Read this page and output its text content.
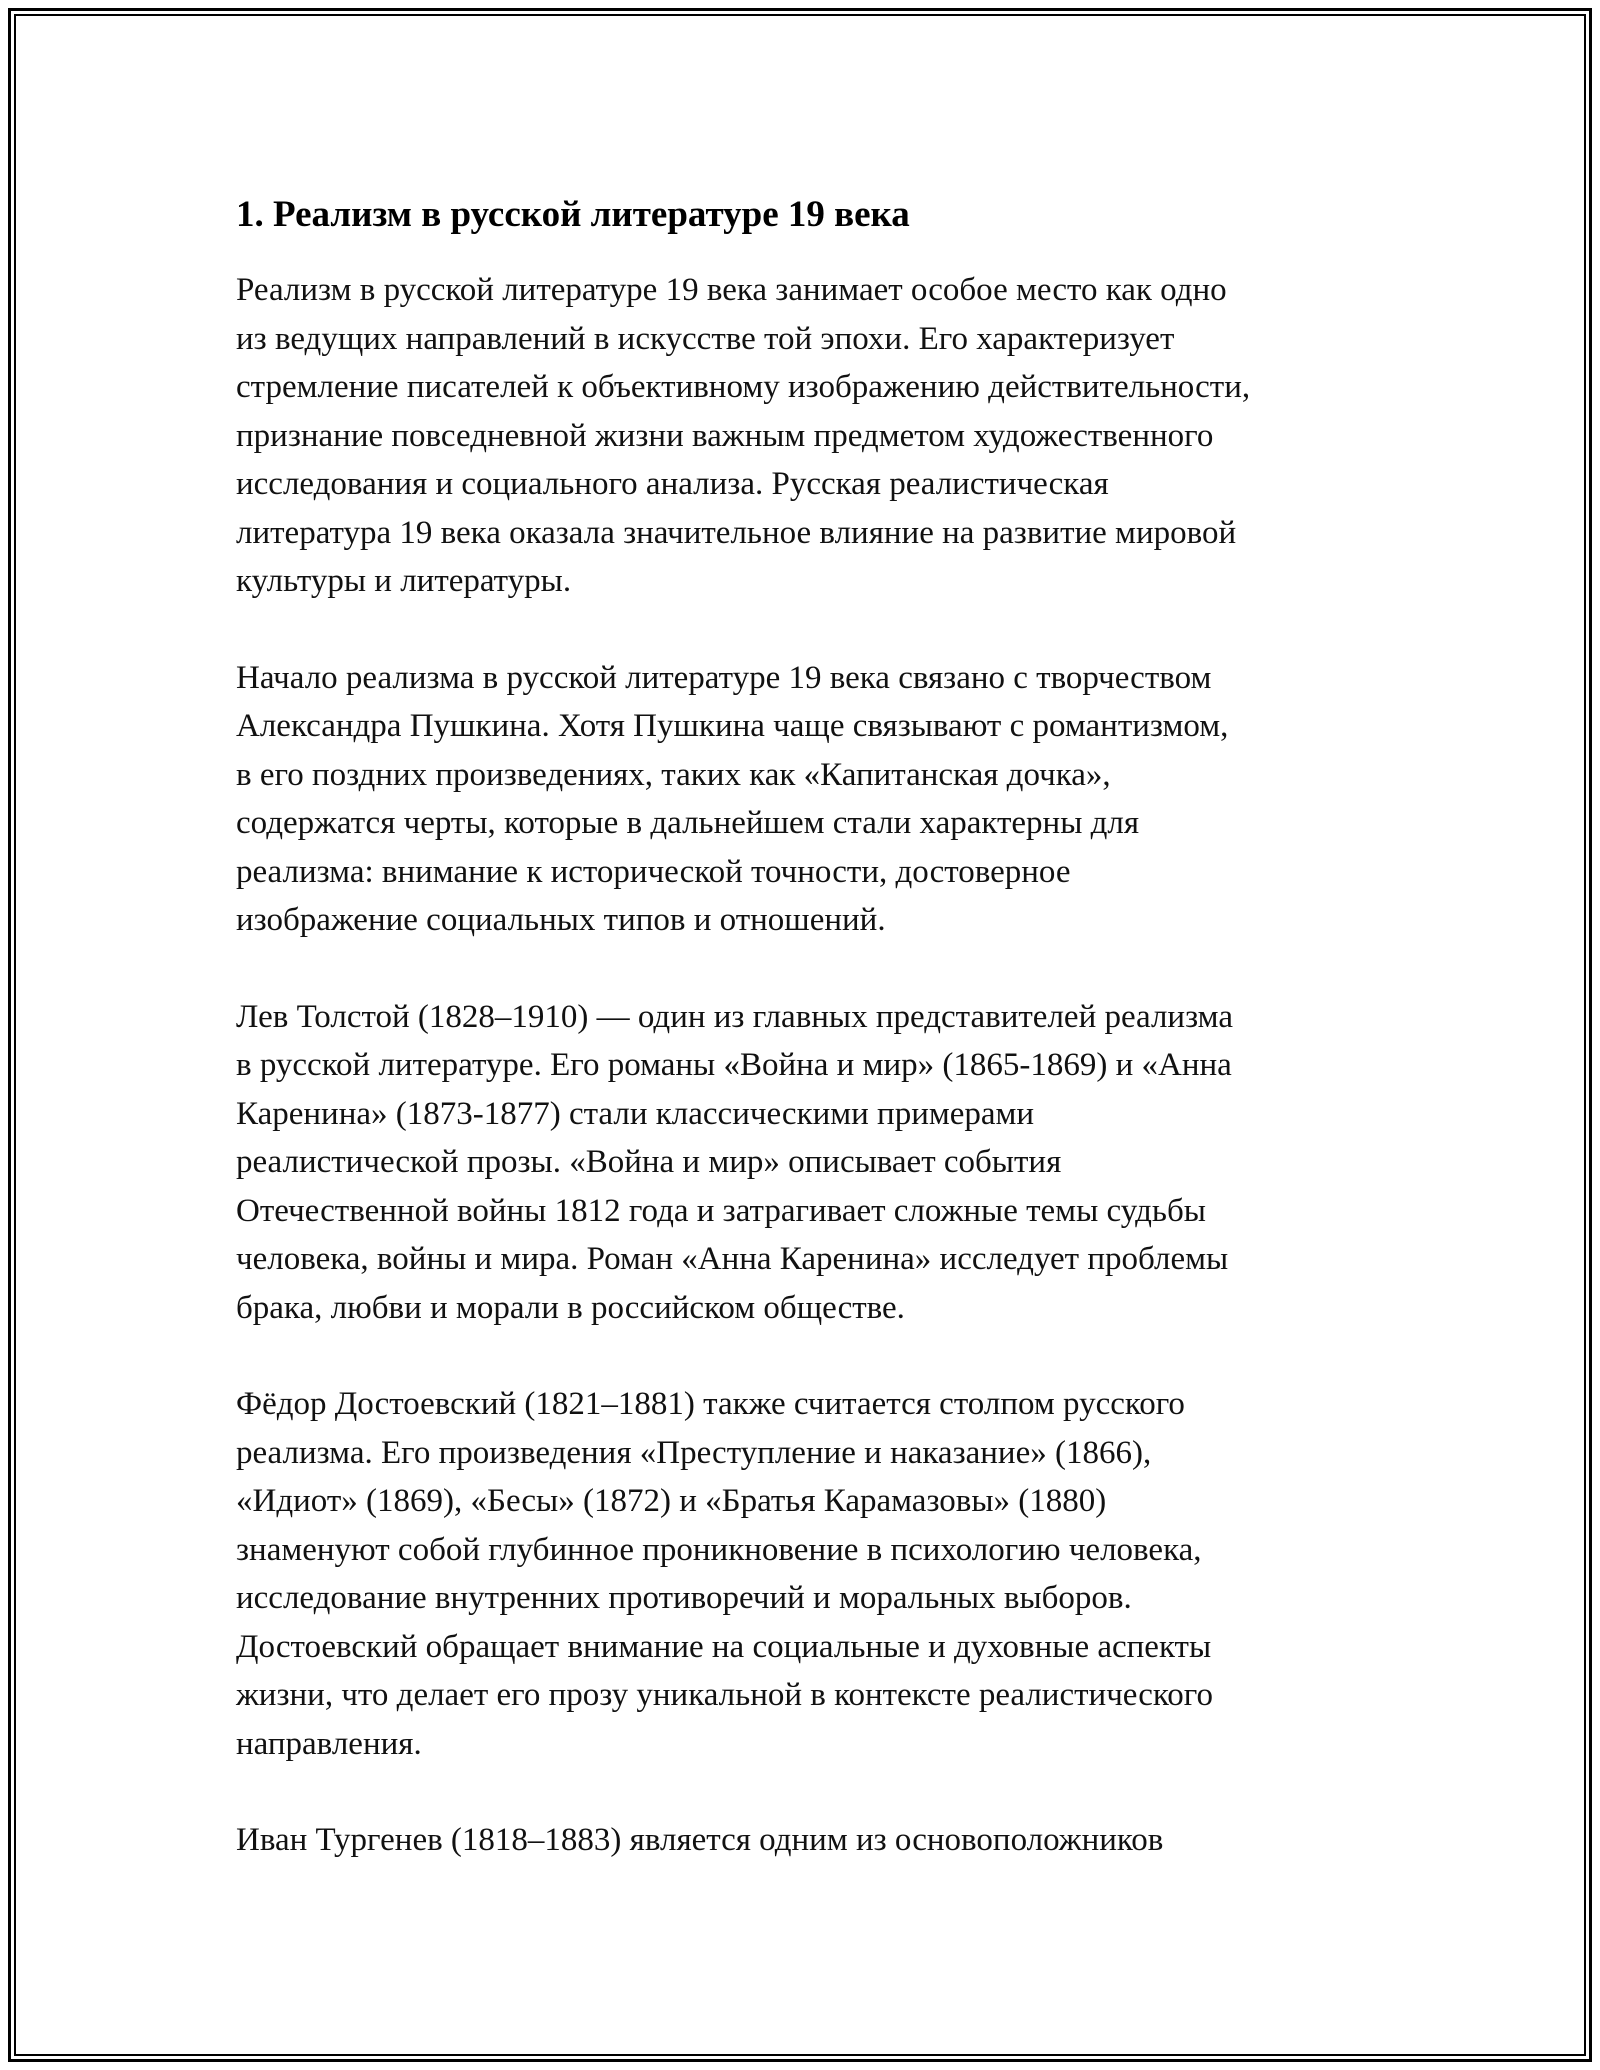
1. Реализм в русской литературе 19 века

Реализм в русской литературе 19 века занимает особое место как одно
из ведущих направлений в искусстве той эпохи. Его характеризует
стремление писателей к объективному изображению действительности,
признание повседневной жизни важным предметом художественного
исследования и социального анализа. Русская реалистическая
литература 19 века оказала значительное влияние на развитие мировой
культуры и литературы.

Начало реализма в русской литературе 19 века связано с творчеством
Александра Пушкина. Хотя Пушкина чаще связывают с романтизмом,
в его поздних произведениях, таких как «Капитанская дочка»,
содержатся черты, которые в дальнейшем стали характерны для
реализма: внимание к исторической точности, достоверное
изображение социальных типов и отношений.

Лев Толстой (1828–1910) — один из главных представителей реализма
в русской литературе. Его романы «Война и мир» (1865-1869) и «Анна
Каренина» (1873-1877) стали классическими примерами
реалистической прозы. «Война и мир» описывает события
Отечественной войны 1812 года и затрагивает сложные темы судьбы
человека, войны и мира. Роман «Анна Каренина» исследует проблемы
брака, любви и морали в российском обществе.

Фёдор Достоевский (1821–1881) также считается столпом русского
реализма. Его произведения «Преступление и наказание» (1866),
«Идиот» (1869), «Бесы» (1872) и «Братья Карамазовы» (1880)
знаменуют собой глубинное проникновение в психологию человека,
исследование внутренних противоречий и моральных выборов.
Достоевский обращает внимание на социальные и духовные аспекты
жизни, что делает его прозу уникальной в контексте реалистического
направления.

Иван Тургенев (1818–1883) является одним из основоположников
